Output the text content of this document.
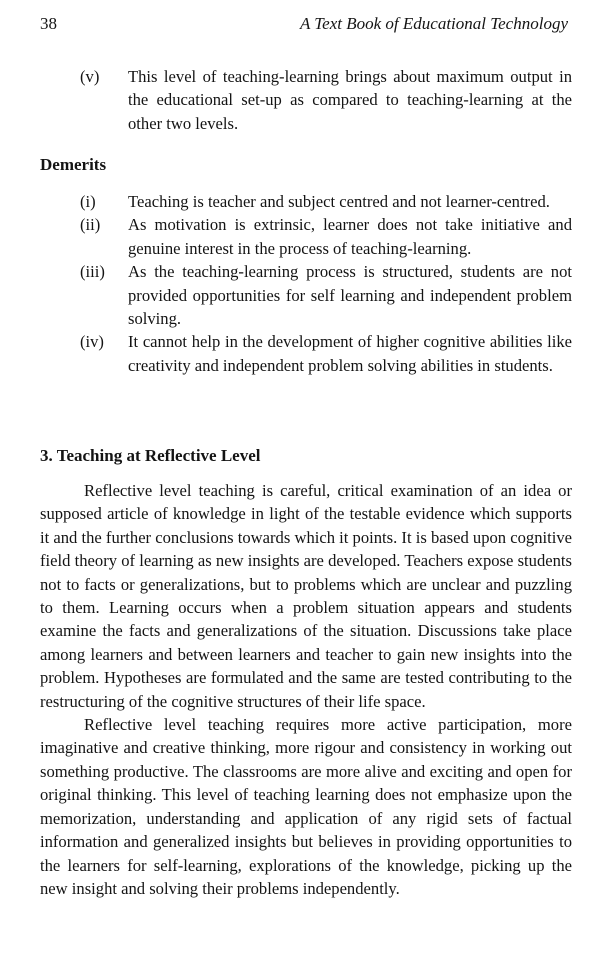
38	A Text Book of Educational Technology
(v)	This level of teaching-learning brings about maximum output in the educational set-up as compared to teaching-learning at the other two levels.
Demerits
(i)	Teaching is teacher and subject centred and not learner-centred.
(ii)	As motivation is extrinsic, learner does not take initiative and genuine interest in the process of teaching-learning.
(iii)	As the teaching-learning process is structured, students are not provided opportunities for self learning and independent problem solving.
(iv)	It cannot help in the development of higher cognitive abilities like creativity and independent problem solving abilities in students.
3. Teaching at Reflective Level

Reflective level teaching is careful, critical examination of an idea or supposed article of knowledge in light of the testable evidence which supports it and the further conclusions towards which it points. It is based upon cognitive field theory of learning as new insights are developed. Teachers expose students not to facts or generalizations, but to problems which are unclear and puzzling to them. Learning occurs when a problem situation appears and students examine the facts and generalizations of the situation. Discussions take place among learners and between learners and teacher to gain new insights into the problem. Hypotheses are formulated and the same are tested contributing to the restructuring of the cognitive structures of their life space.

Reflective level teaching requires more active participation, more imaginative and creative thinking, more rigour and consistency in working out something productive. The classrooms are more alive and exciting and open for original thinking. This level of teaching learning does not emphasize upon the memorization, understanding and application of any rigid sets of factual information and generalized insights but believes in providing opportunities to the learners for self-learning, explorations of the knowledge, picking up the new insight and solving their problems independently.
